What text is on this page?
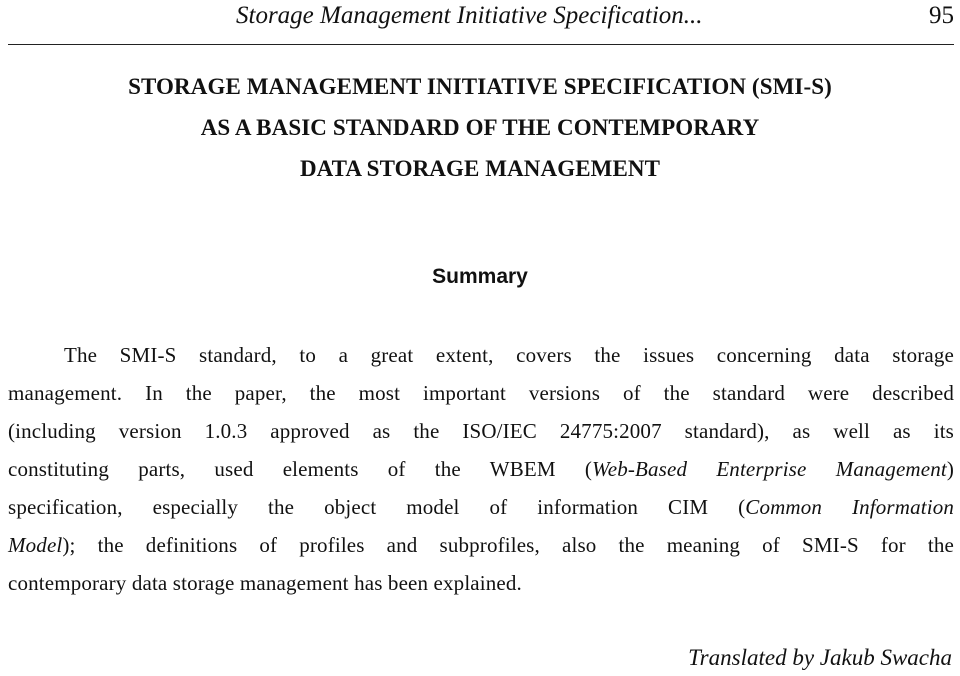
Storage Management Initiative Specification...	95
STORAGE MANAGEMENT INITIATIVE SPECIFICATION (SMI-S)
AS A BASIC STANDARD OF THE CONTEMPORARY
DATA STORAGE MANAGEMENT
Summary
The SMI-S standard, to a great extent, covers the issues concerning data storage
management. In the paper, the most important versions of the standard were described
(including version 1.0.3 approved as the ISO/IEC 24775:2007 standard), as well as its
constituting parts, used elements of the WBEM (Web-Based Enterprise Management)
specification, especially the object model of information CIM (Common Information
Model); the definitions of profiles and subprofiles, also the meaning of SMI-S for the
contemporary data storage management has been explained.
Translated by Jakub Swacha
